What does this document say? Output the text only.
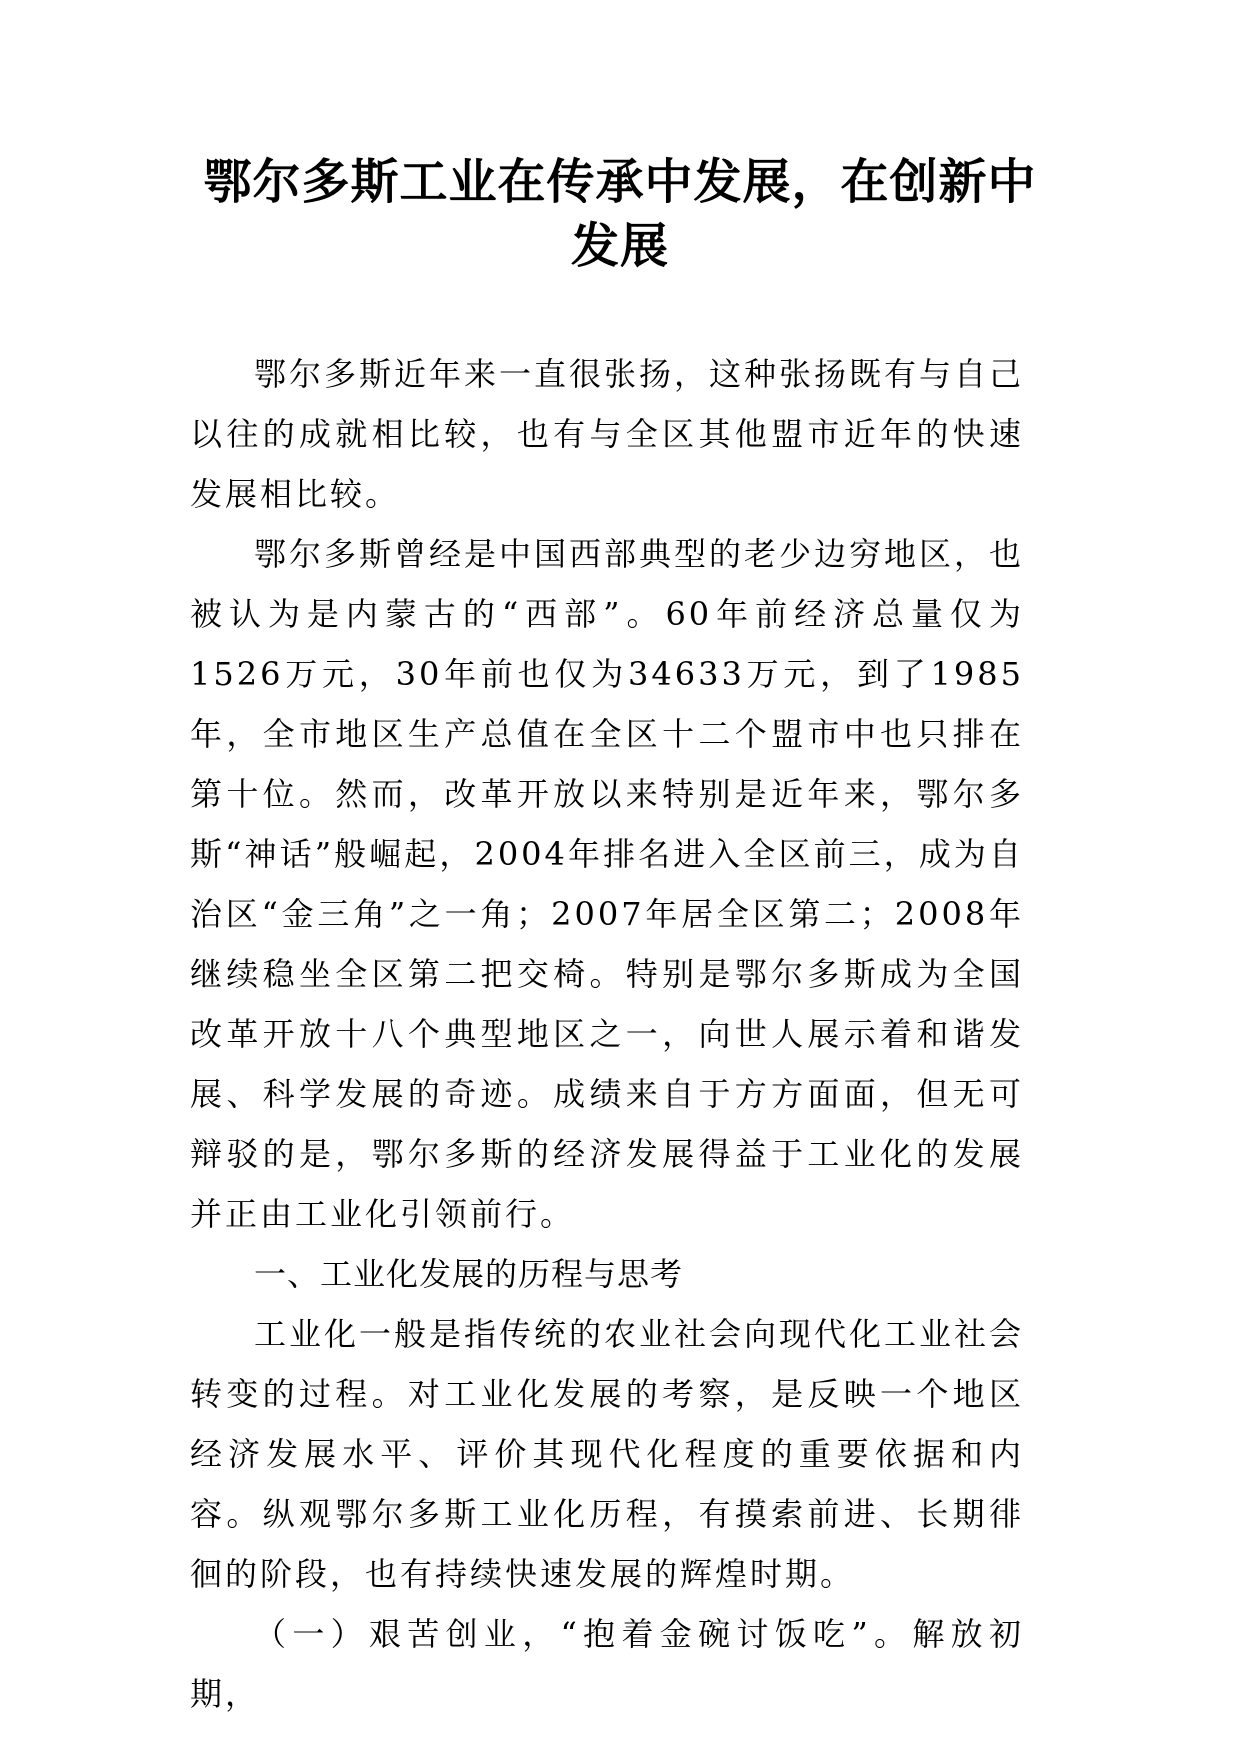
鄂尔多斯工业在传承中发展，在创新中发展

鄂尔多斯近年来一直很张扬，这种张扬既有与自己以往的成就相比较，也有与全区其他盟市近年的快速发展相比较。

鄂尔多斯曾经是中国西部典型的老少边穷地区，也被认为是内蒙古的“西部”。60年前经济总量仅为1526万元，30年前也仅为34633万元，到了1985年，全市地区生产总值在全区十二个盟市中也只排在第十位。然而，改革开放以来特别是近年来，鄂尔多斯“神话”般崛起，2004年排名进入全区前三，成为自治区“金三角”之一角；2007年居全区第二；2008年继续稳坐全区第二把交椅。特别是鄂尔多斯成为全国改革开放十八个典型地区之一，向世人展示着和谐发展、科学发展的奇迹。成绩来自于方方面面，但无可辩驳的是，鄂尔多斯的经济发展得益于工业化的发展并正由工业化引领前行。

一、工业化发展的历程与思考

工业化一般是指传统的农业社会向现代化工业社会转变的过程。对工业化发展的考察，是反映一个地区经济发展水平、评价其现代化程度的重要依据和内容。纵观鄂尔多斯工业化历程，有摸索前进、长期徘徊的阶段，也有持续快速发展的辉煌时期。

（一）艰苦创业，“抱着金碗讨饭吃”。解放初期，
